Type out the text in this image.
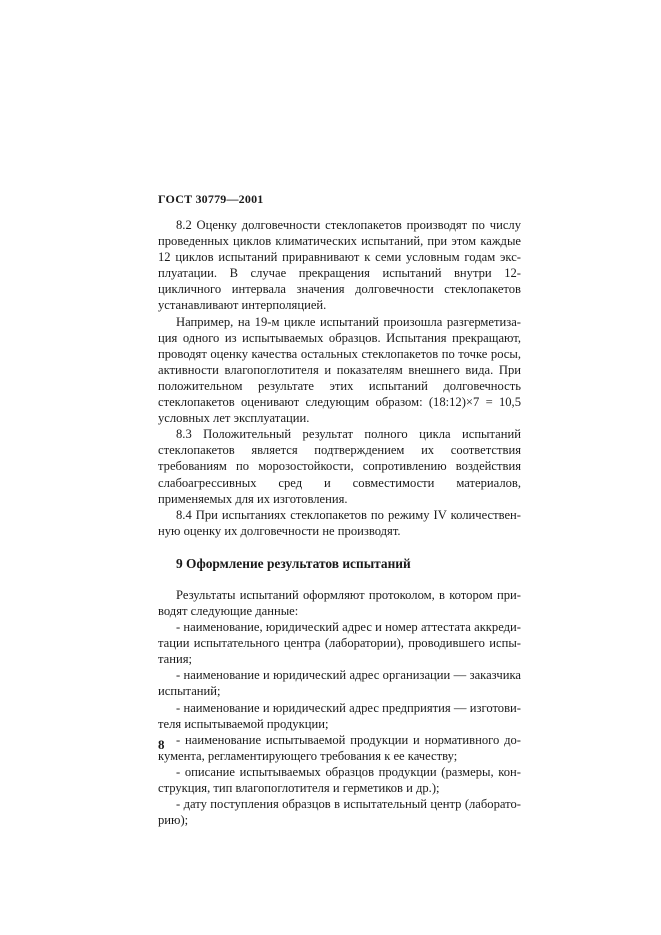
ГОСТ 30779—2001

8.2 Оценку долговечности стеклопакетов производят по числу проведенных циклов климатических испытаний, при этом каждые 12 циклов испытаний приравнивают к семи условным годам эксплуатации. В случае прекращения испытаний внутри 12-цикличного интервала значения долговечности стеклопакетов устанавливают интерполяцией.

Например, на 19-м цикле испытаний произошла разгерметизация одного из испытываемых образцов. Испытания прекращают, проводят оценку качества остальных стеклопакетов по точке росы, активности влагопоглотителя и показателям внешнего вида. При положительном результате этих испытаний долговечность стеклопакетов оценивают следующим образом: (18:12)×7 = 10,5 условных лет эксплуатации.

8.3 Положительный результат полного цикла испытаний стеклопакетов является подтверждением их соответствия требованиям по морозостойкости, сопротивлению воздействия слабоагрессивных сред и совместимости материалов, применяемых для их изготовления.

8.4 При испытаниях стеклопакетов по режиму IV количественную оценку их долговечности не производят.

9 Оформление результатов испытаний

Результаты испытаний оформляют протоколом, в котором приводят следующие данные:

- наименование, юридический адрес и номер аттестата аккредитации испытательного центра (лаборатории), проводившего испытания;

- наименование и юридический адрес организации — заказчика испытаний;

- наименование и юридический адрес предприятия — изготовителя испытываемой продукции;

- наименование испытываемой продукции и нормативного документа, регламентирующего требования к ее качеству;

- описание испытываемых образцов продукции (размеры, конструкция, тип влагопоглотителя и герметиков и др.);

- дату поступления образцов в испытательный центр (лабораторию);

8
